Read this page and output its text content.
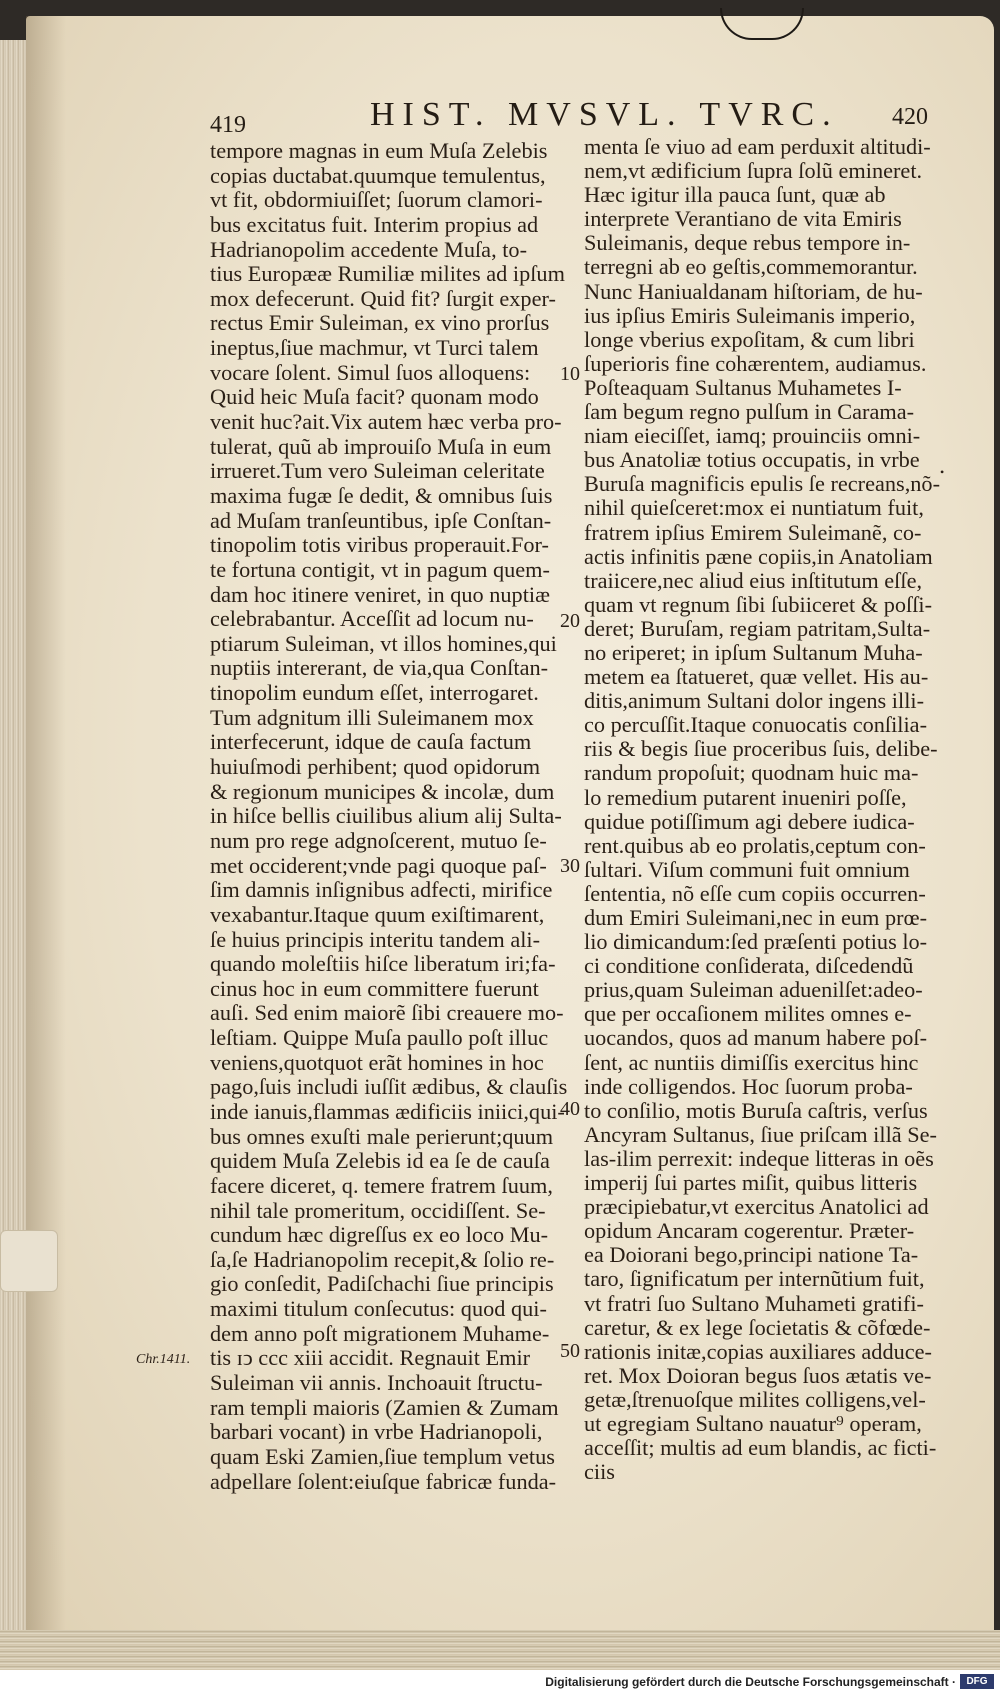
419	HIST. MVSVL. TVRC. 420
tempore magnas in eum Muſa Zelebis
copias ductabat.quumque temulentus,
vt fit, obdormiuiſſet; ſuorum clamori-
bus excitatus fuit. Interim propius ad
Hadrianopolim accedente Muſa, to-
tius Europææ Rumiliæ milites ad ipſum
mox defecerunt. Quid fit? ſurgit exper-
rectus Emir Suleiman, ex vino prorſus
ineptus,ſiue machmur, vt Turci talem
vocare ſolent. Simul ſuos alloquens:
Quid heic Muſa facit? quonam modo
venit huc?ait.Vix autem hæc verba pro-
tulerat, quũ ab improuiſo Muſa in eum
irrueret.Tum vero Suleiman celeritate
maxima fugæ ſe dedit, & omnibus ſuis
ad Muſam tranſeuntibus, ipſe Conſtan-
tinopolim totis viribus properauit.For-
te fortuna contigit, vt in pagum quem-
dam hoc itinere veniret, in quo nuptiæ
celebrabantur. Acceſſit ad locum nu-
ptiarum Suleiman, vt illos homines,qui
nuptiis intererant, de via,qua Conſtan-
tinopolim eundum eſſet, interrogaret.
Tum adgnitum illi Suleimanem mox
interfecerunt, idque de cauſa factum
huiuſmodi perhibent; quod opidorum
& regionum municipes & incolæ, dum
in hiſce bellis ciuilibus alium alij Sulta-
num pro rege adgnoſcerent, mutuo ſe-
met occiderent;vnde pagi quoque paſ-
ſim damnis inſignibus adfecti, mirifice
vexabantur.Itaque quum exiſtimarent,
ſe huius principis interitu tandem ali-
quando moleſtiis hiſce liberatum iri;fa-
cinus hoc in eum committere fuerunt
auſi. Sed enim maiorẽ ſibi creauere mo-
leſtiam. Quippe Muſa paullo poſt illuc
veniens,quotquot erãt homines in hoc
pago,ſuis includi iuſſit ædibus, & clauſis
inde ianuis,flammas ædificiis iniici,qui-
bus omnes exuſti male perierunt;quum
quidem Muſa Zelebis id ea ſe de cauſa
facere diceret, q. temere fratrem ſuum,
nihil tale promeritum, occidiſſent. Se-
cundum hæc digreſſus ex eo loco Mu-
ſa,ſe Hadrianopolim recepit,& ſolio re-
gio conſedit, Padiſchachi ſiue principis
maximi titulum conſecutus: quod qui-
dem anno poſt migrationem Muhame-
tis ɪↄ ccc xiii accidit. Regnauit Emir
Suleiman vii annis. Inchoauit ſtructu-
ram templi maioris (Zamien & Zumam
barbari vocant) in vrbe Hadrianopoli,
quam Eski Zamien,ſiue templum vetus
adpellare ſolent:eiuſque fabricæ funda-
menta ſe viuo ad eam perduxit altitudi-
nem,vt ædificium ſupra ſolũ emineret.
Hæc igitur illa pauca ſunt, quæ ab
interprete Verantiano de vita Emiris
Suleimanis, deque rebus tempore in-
terregni ab eo geſtis,commemorantur.
Nunc Haniualdanam hiſtoriam, de hu-
ius ipſius Emiris Suleimanis imperio,
longe vberius expoſitam, & cum libri
ſuperioris fine cohærentem, audiamus.
Poſteaquam Sultanus Muhametes I-
ſam begum regno pulſum in Carama-
niam eieciſſet, iamq; prouinciis omni-
bus Anatoliæ totius occupatis, in vrbe
Buruſa magnificis epulis ſe recreans,nõ-
nihil quieſceret:mox ei nuntiatum fuit,
fratrem ipſius Emirem Suleimanẽ, co-
actis infinitis pæne copiis,in Anatoliam
traiicere,nec aliud eius inſtitutum eſſe,
quam vt regnum ſibi ſubiiceret & poſſi-
deret; Buruſam, regiam patritam,Sulta-
no eriperet; in ipſum Sultanum Muha-
metem ea ſtatueret, quæ vellet. His au-
ditis,animum Sultani dolor ingens illi-
co percuſſit.Itaque conuocatis conſilia-
riis & begis ſiue proceribus ſuis, delibe-
randum propoſuit; quodnam huic ma-
lo remedium putarent inueniri poſſe,
quidue potiſſimum agi debere iudica-
rent.quibus ab eo prolatis,ceptum con-
ſultari. Viſum communi fuit omnium
ſententia, nõ eſſe cum copiis occurren-
dum Emiri Suleimani,nec in eum prœ-
lio dimicandum:ſed præſenti potius lo-
ci conditione conſiderata, diſcedendũ
prius,quam Suleiman aduenilſet:adeo-
que per occaſionem milites omnes e-
uocandos, quos ad manum habere poſ-
ſent, ac nuntiis dimiſſis exercitus hinc
inde colligendos. Hoc ſuorum proba-
to conſilio, motis Buruſa caſtris, verſus
Ancyram Sultanus, ſiue priſcam illã Se-
las-ilim perrexit: indeque litteras in oẽs
imperij ſui partes miſit, quibus litteris
præcipiebatur,vt exercitus Anatolici ad
opidum Ancaram cogerentur. Præter-
ea Doiorani bego,principi natione Ta-
taro, ſignificatum per internũtium fuit,
vt fratri ſuo Sultano Muhameti gratifi-
caretur, & ex lege ſocietatis & cõfœde-
rationis initæ,copias auxiliares adduce-
ret. Mox Doioran begus ſuos ætatis ve-
getæ,ſtrenuoſque milites colligens,vel-
ut egregiam Sultano nauatur⁹ operam,
acceſſit; multis ad eum blandis, ac ficti-
ciis
10
20
30
40
50
Chr.1411.
•
Digitalisierung gefördert durch die Deutsche Forschungsgemeinschaft ·	DFG
